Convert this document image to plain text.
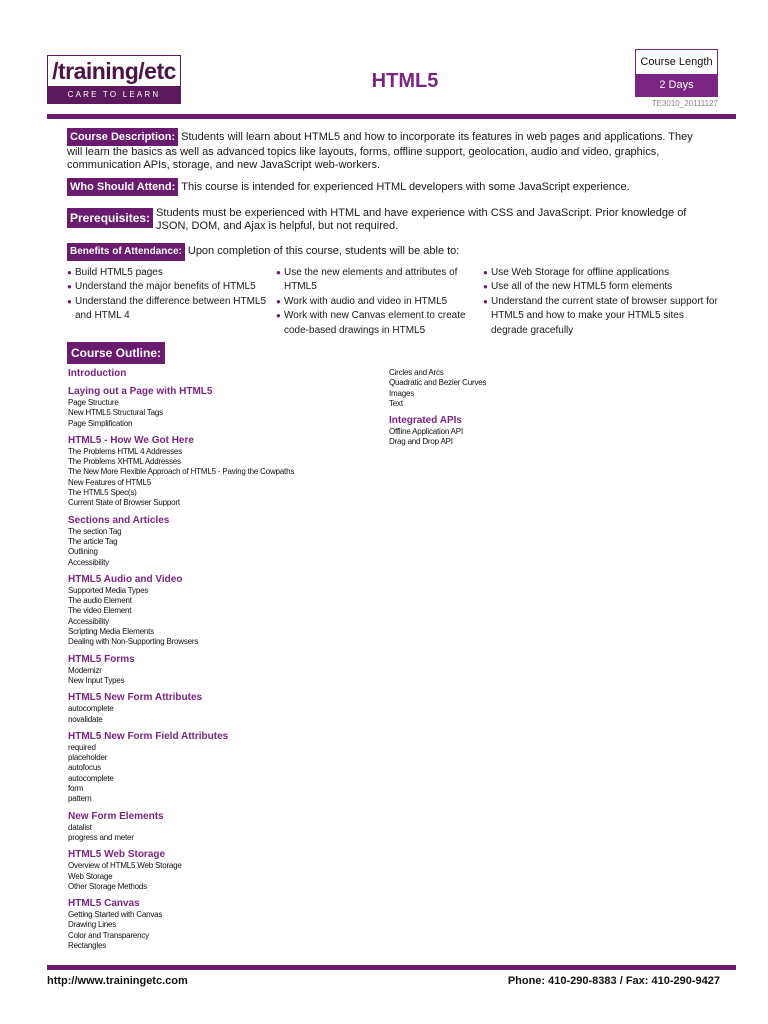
/training/etc
CARE TO LEARN
HTML5
Course Length
2 Days
TE3010_20111127
Course Description: Students will learn about HTML5 and how to incorporate its features in web pages and applications. They will learn the basics as well as advanced topics like layouts, forms, offline support, geolocation, audio and video, graphics, communication APIs, storage, and new JavaScript web-workers.
Who Should Attend: This course is intended for experienced HTML developers with some JavaScript experience.
Prerequisites: Students must be experienced with HTML and have experience with CSS and JavaScript. Prior knowledge of JSON, DOM, and Ajax is helpful, but not required.
Benefits of Attendance: Upon completion of this course, students will be able to:
● Build HTML5 pages
● Understand the major benefits of HTML5
● Understand the difference between HTML5 and HTML 4
● Use the new elements and attributes of HTML5
● Work with audio and video in HTML5
● Work with new Canvas element to create code-based drawings in HTML5
● Use Web Storage for offline applications
● Use all of the new HTML5 form elements
● Understand the current state of browser support for HTML5 and how to make your HTML5 sites degrade gracefully
Course Outline:
Introduction
Laying out a Page with HTML5
Page Structure
New HTML5 Structural Tags
Page Simplification
HTML5 - How We Got Here
The Problems HTML 4 Addresses
The Problems XHTML Addresses
The New More Flexible Approach of HTML5 - Paving the Cowpaths
New Features of HTML5
The HTML5 Spec(s)
Current State of Browser Support
Sections and Articles
The section Tag
The article Tag
Outlining
Accessibility
HTML5 Audio and Video
Supported Media Types
The audio Element
The video Element
Accessibility
Scripting Media Elements
Dealing with Non-Supporting Browsers
HTML5 Forms
Modernizr
New Input Types
HTML5 New Form Attributes
autocomplete
novalidate
HTML5 New Form Field Attributes
required
placeholder
autofocus
autocomplete
form
pattern
New Form Elements
datalist
progress and meter
HTML5 Web Storage
Overview of HTML5 Web Storage
Web Storage
Other Storage Methods
HTML5 Canvas
Getting Started with Canvas
Drawing Lines
Color and Transparency
Rectangles
Circles and Arcs
Quadratic and Bezier Curves
Images
Text
Integrated APIs
Offline Application API
Drag and Drop API
http://www.trainingetc.com	Phone: 410-290-8383 / Fax: 410-290-9427
